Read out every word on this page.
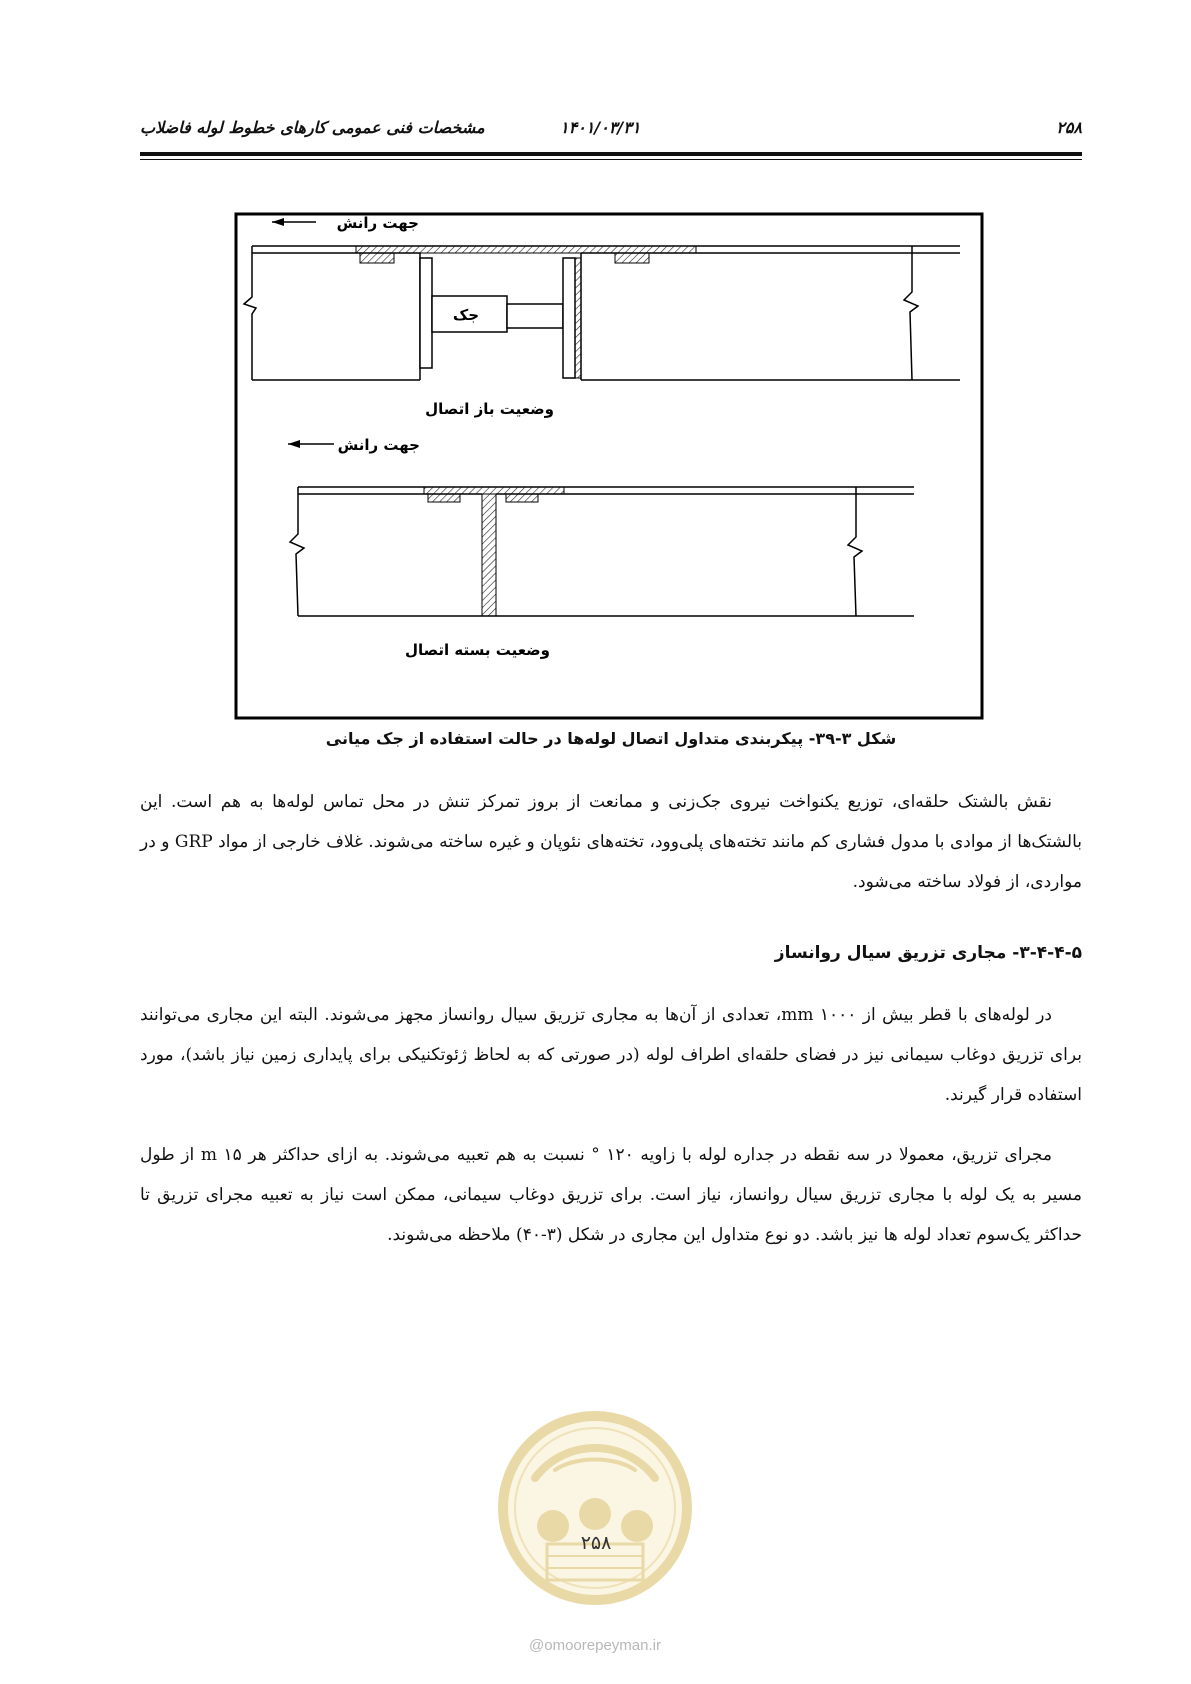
۲۵۸
۱۴۰۱/۰۳/۳۱
مشخصات فنی عمومی کارهای خطوط لوله فاضلاب
جهت رانش
جک
وضعیت باز اتصال
جهت رانش
وضعیت بسته اتصال
شکل ۳-۳۹- پیکربندی متداول اتصال لوله‌ها در حالت استفاده از جک میانی
نقش بالشتک حلقه‌ای، توزیع یکنواخت نیروی جک‌زنی و ممانعت از بروز تمرکز تنش در محل تماس لوله‌ها به هم است. این بالشتک‌ها از موادی با مدول فشاری کم مانند تخته‌های پلی‌وود، تخته‌های نئوپان و غیره ساخته می‌شوند. غلاف خارجی از مواد GRP و در مواردی، از فولاد ساخته می‌شود.
۳-۴-۴-۵- مجاری تزریق سیال روانساز
در لوله‌های با قطر بیش از mm ۱۰۰۰، تعدادی از آن‌ها به مجاری تزریق سیال روانساز مجهز می‌شوند. البته این مجاری می‌توانند برای تزریق دوغاب سیمانی نیز در فضای حلقه‌ای اطراف لوله (در صورتی که به لحاظ ژئوتکنیکی برای پایداری زمین نیاز باشد)، مورد استفاده قرار گیرند.
مجرای تزریق، معمولا در سه نقطه در جداره لوله با زاویه ۱۲۰ ° نسبت به هم تعبیه می‌شوند. به ازای حداکثر هر ۱۵ m از طول مسیر به یک لوله با مجاری تزریق سیال روانساز، نیاز است. برای تزریق دوغاب سیمانی، ممکن است نیاز به تعبیه مجرای تزریق تا حداکثر یک‌سوم تعداد لوله ها نیز باشد. دو نوع متداول این مجاری در شکل (۳-۴۰) ملاحظه می‌شوند.
۲۵۸
@omoorepeyman.ir
